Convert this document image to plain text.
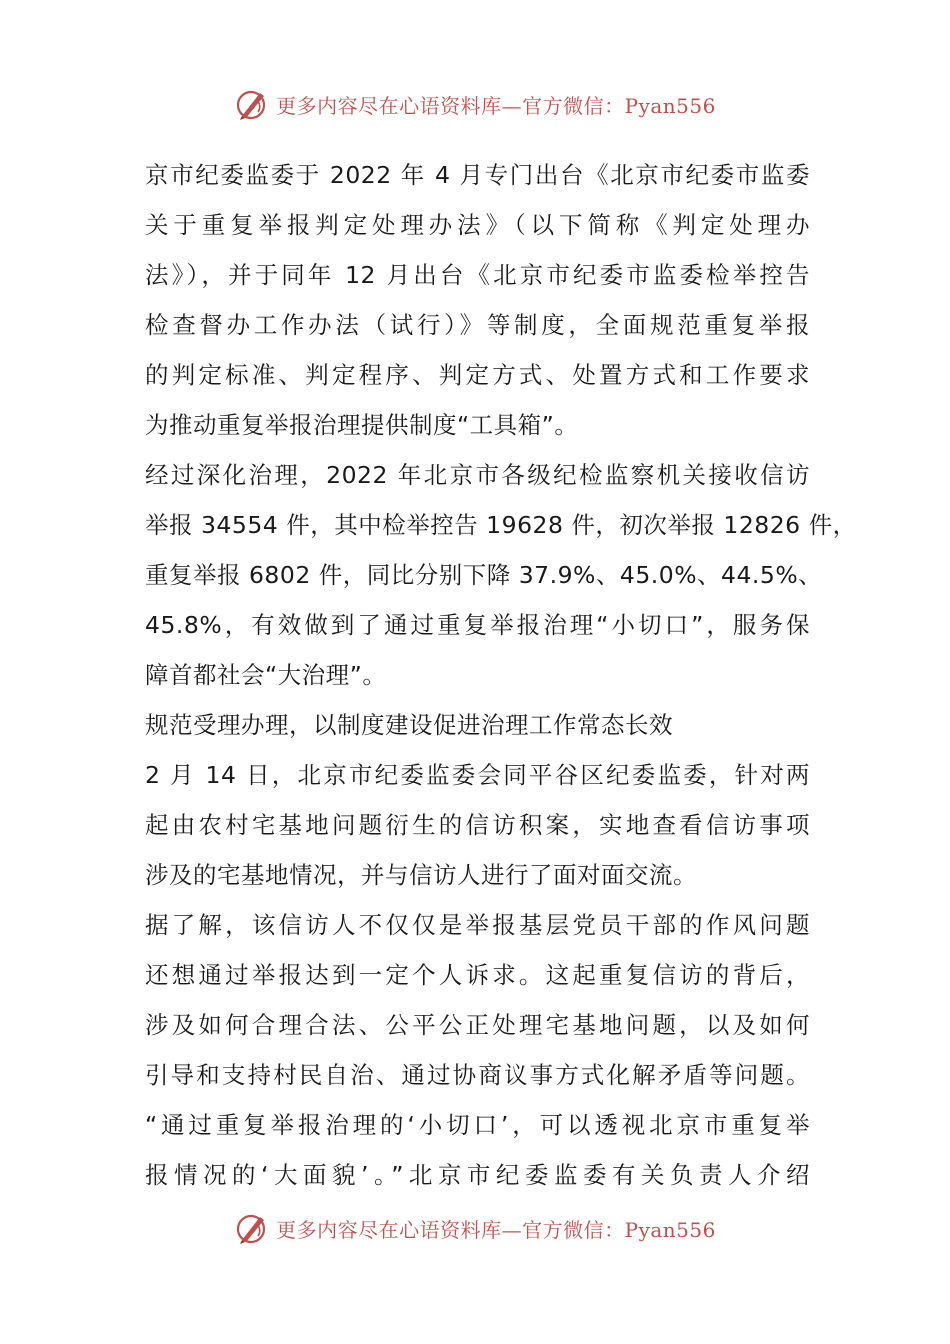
更多内容尽在心语资料库—官方微信：Pyan556
京市纪委监委于 2022 年 4 月专门出台《北京市纪委市监委
关于重复举报判定处理办法》（以下简称《判定处理办
法》），并于同年 12 月出台《北京市纪委市监委检举控告
检查督办工作办法（试行）》等制度，全面规范重复举报
的判定标准、判定程序、判定方式、处置方式和工作要求
为推动重复举报治理提供制度“工具箱”。
经过深化治理，2022 年北京市各级纪检监察机关接收信访
举报 34554 件，其中检举控告 19628 件，初次举报 12826 件，
重复举报 6802 件，同比分别下降 37.9%、45.0%、44.5%、
45.8%，有效做到了通过重复举报治理“小切口”，服务保
障首都社会“大治理”。
规范受理办理，以制度建设促进治理工作常态长效
2 月 14 日，北京市纪委监委会同平谷区纪委监委，针对两
起由农村宅基地问题衍生的信访积案，实地查看信访事项
涉及的宅基地情况，并与信访人进行了面对面交流。
据了解，该信访人不仅仅是举报基层党员干部的作风问题
还想通过举报达到一定个人诉求。这起重复信访的背后，
涉及如何合理合法、公平公正处理宅基地问题，以及如何
引导和支持村民自治、通过协商议事方式化解矛盾等问题。
“通过重复举报治理的‘小切口’，可以透视北京市重复举
报情况的‘大面貌’。”北京市纪委监委有关负责人介绍
更多内容尽在心语资料库—官方微信：Pyan556
